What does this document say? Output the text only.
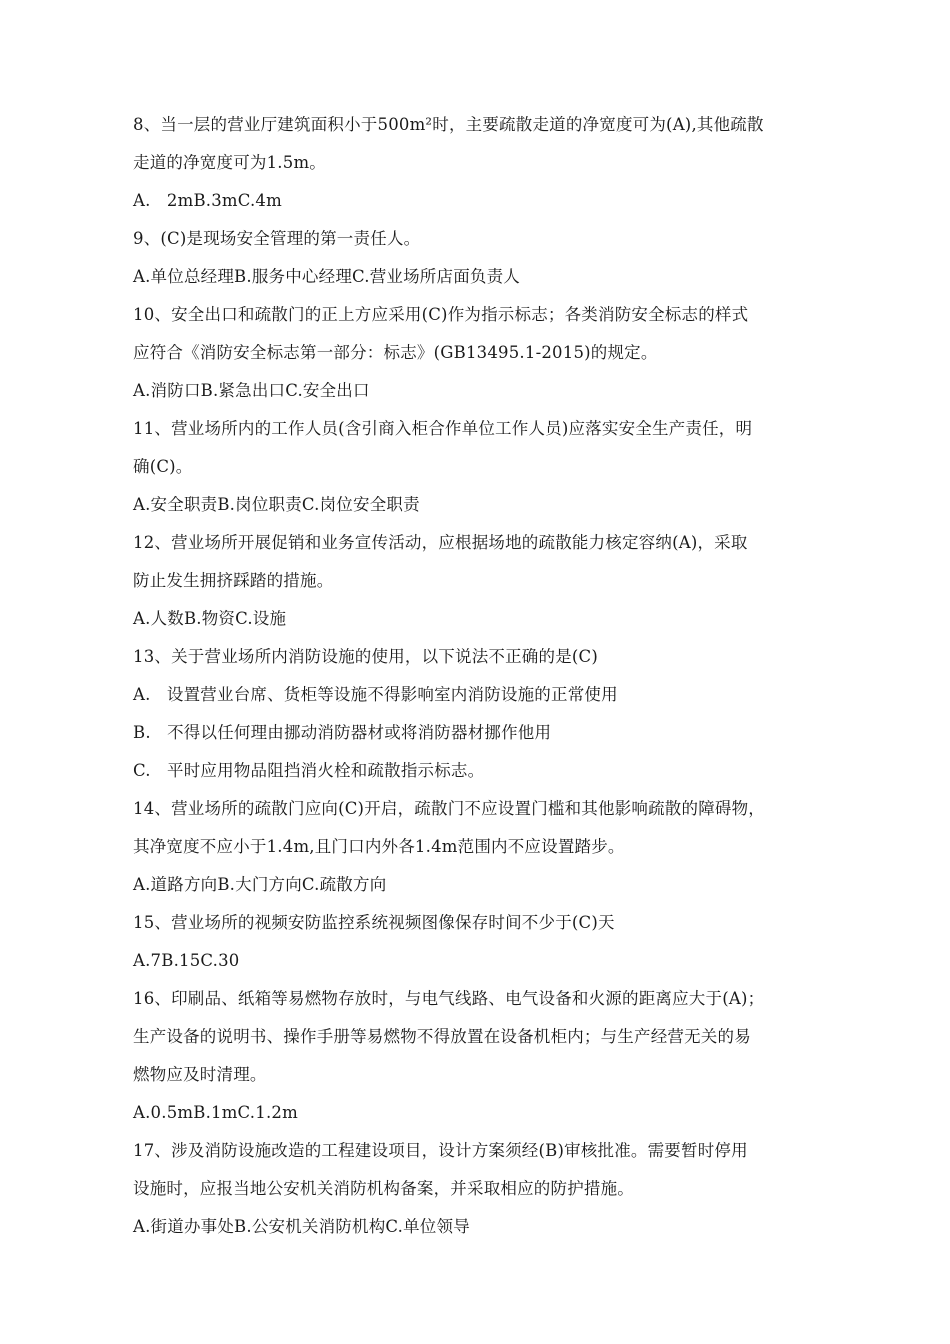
8、当一层的营业厅建筑面积小于500m²时，主要疏散走道的净宽度可为(A),其他疏散
走道的净宽度可为1.5m。
A.   2mB.3mC.4m
9、(C)是现场安全管理的第一责任人。
A.单位总经理B.服务中心经理C.营业场所店面负责人
10、安全出口和疏散门的正上方应采用(C)作为指示标志；各类消防安全标志的样式
应符合《消防安全标志第一部分：标志》(GB13495.1-2015)的规定。
A.消防口B.紧急出口C.安全出口
11、营业场所内的工作人员(含引商入柜合作单位工作人员)应落实安全生产责任，明
确(C)。
A.安全职责B.岗位职责C.岗位安全职责
12、营业场所开展促销和业务宣传活动，应根据场地的疏散能力核定容纳(A)，采取
防止发生拥挤踩踏的措施。
A.人数B.物资C.设施
13、关于营业场所内消防设施的使用，以下说法不正确的是(C)
A.   设置营业台席、货柜等设施不得影响室内消防设施的正常使用
B.   不得以任何理由挪动消防器材或将消防器材挪作他用
C.   平时应用物品阻挡消火栓和疏散指示标志。
14、营业场所的疏散门应向(C)开启，疏散门不应设置门槛和其他影响疏散的障碍物，
其净宽度不应小于1.4m,且门口内外各1.4m范围内不应设置踏步。
A.道路方向B.大门方向C.疏散方向
15、营业场所的视频安防监控系统视频图像保存时间不少于(C)天
A.7B.15C.30
16、印刷品、纸箱等易燃物存放时，与电气线路、电气设备和火源的距离应大于(A)；
生产设备的说明书、操作手册等易燃物不得放置在设备机柜内；与生产经营无关的易
燃物应及时清理。
A.0.5mB.1mC.1.2m
17、涉及消防设施改造的工程建设项目，设计方案须经(B)审核批准。需要暂时停用
设施时，应报当地公安机关消防机构备案，并采取相应的防护措施。
A.街道办事处B.公安机关消防机构C.单位领导
